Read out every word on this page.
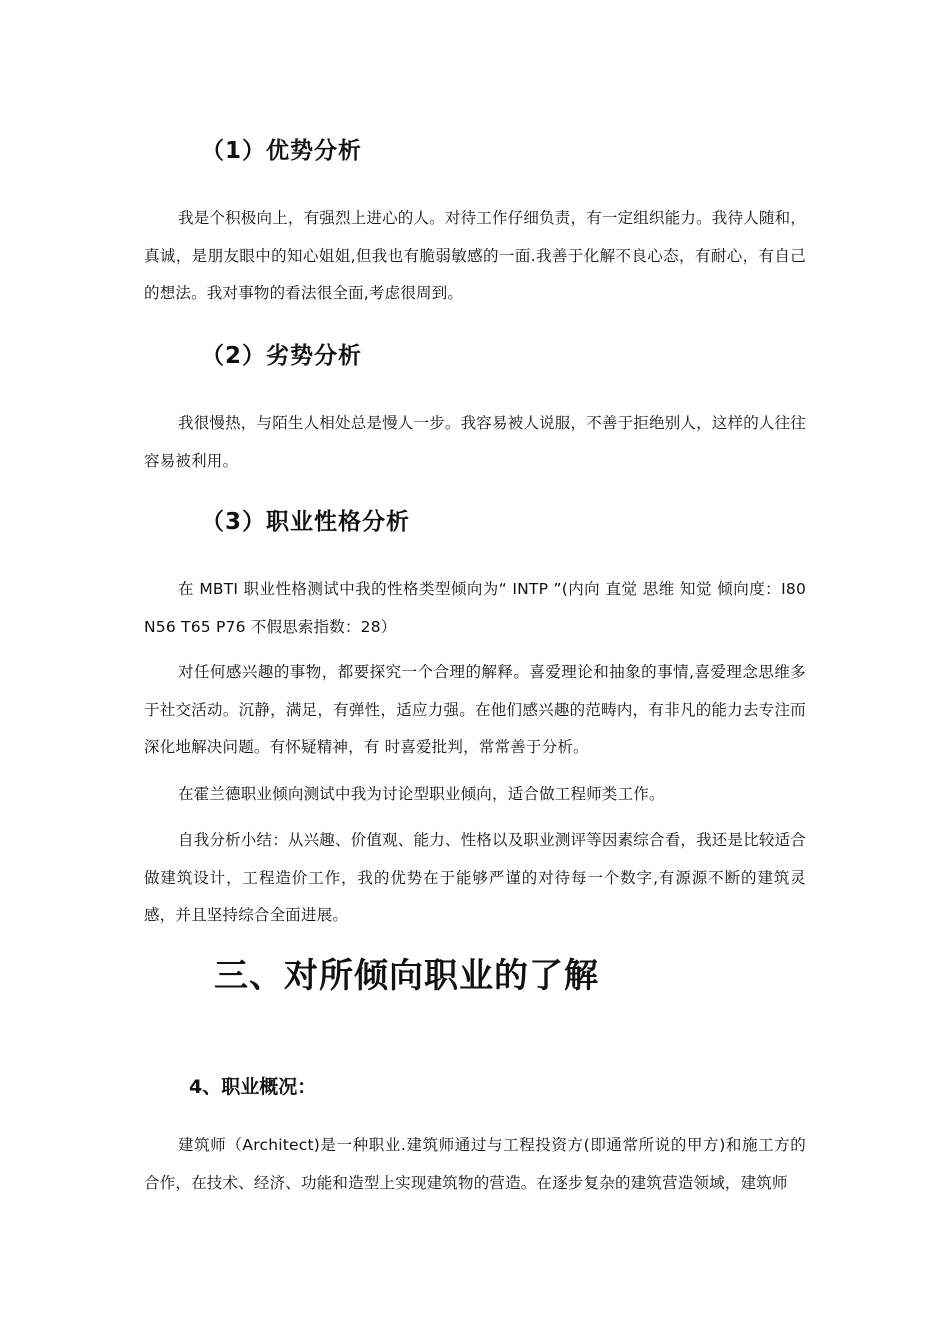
（1）优势分析

我是个积极向上，有强烈上进心的人。对待工作仔细负责，有一定组织能力。我待人随和，真诚，是朋友眼中的知心姐姐,但我也有脆弱敏感的一面.我善于化解不良心态，有耐心，有自己的想法。我对事物的看法很全面,考虑很周到。

（2）劣势分析

我很慢热，与陌生人相处总是慢人一步。我容易被人说服，不善于拒绝别人，这样的人往往容易被利用。

（3）职业性格分析

在 MBTI 职业性格测试中我的性格类型倾向为“ INTP ”(内向 直觉 思维 知觉 倾向度：I80 N56 T65 P76 不假思索指数：28）

对任何感兴趣的事物，都要探究一个合理的解释。喜爱理论和抽象的事情,喜爱理念思维多于社交活动。沉静，满足，有弹性，适应力强。在他们感兴趣的范畴内，有非凡的能力去专注而深化地解决问题。有怀疑精神，有 时喜爱批判，常常善于分析。

在霍兰德职业倾向测试中我为讨论型职业倾向，适合做工程师类工作。

自我分析小结：从兴趣、价值观、能力、性格以及职业测评等因素综合看，我还是比较适合做建筑设计，工程造价工作，我的优势在于能够严谨的对待每一个数字,有源源不断的建筑灵感，并且坚持综合全面进展。

三、对所倾向职业的了解
4、职业概况：

建筑师（Architect)是一种职业.建筑师通过与工程投资方(即通常所说的甲方)和施工方的合作，在技术、经济、功能和造型上实现建筑物的营造。在逐步复杂的建筑营造领域，建筑师
